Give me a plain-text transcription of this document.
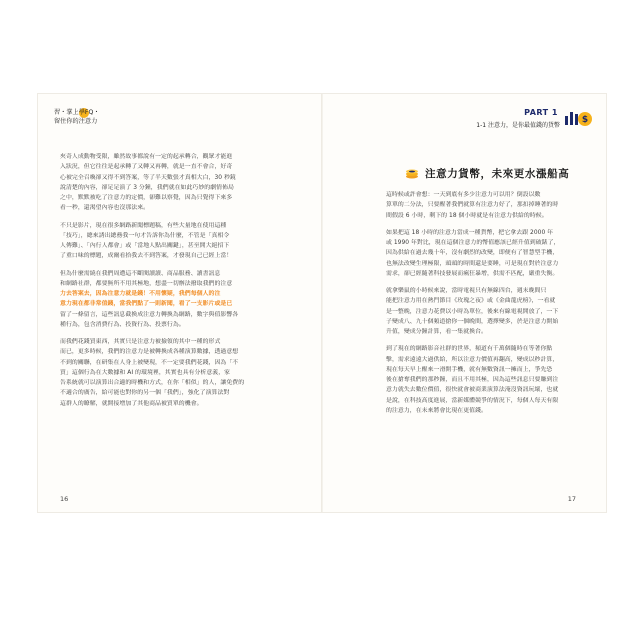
習・掌上學FQ・
留住你的注意力
夾奇人成動物受限，雖然故事都說有一定的起承轉合，觀眾才能進
入狀況，但它往往是起承轉了又轉又再轉，就是一直不會合，好奇
心被完全召喚卻又得不到答案，等了半天數張才真相大白，30 秒鏡
說清楚的內容，卻足足演了 3 分鐘，我們就在如此巧妙的劇情佈局
之中，默默被吃了注意力的定價，卻難以察覺，因為只覺得下來多
看一秒，還渴望內容也沒那法來。
不只是影片，現在很多網路新聞標題稿，有些大量地在使用這種
「技巧」，總來誘出總務我一句才告訴你為什麼，不管是「真相令
人傳難」、「內行人都會」或「當地人點出關鍵」，甚至開大絕招下
了重口味的標題，成爾看拾我去不到答案，才發現自己已經上當！
但為什麼需繞在我們周遭這不斷閱讀讀、商品服務、讀書訊息
和網路社群，都要無所不用其極地，想盡一切辦法撥取我們的注意
力去答案去，因為注意力就是錢！不用懷疑，我們每個人的注
意力現在都非常值錢，當我們點了一則新聞，看了一支影片或是已
留了一條留言，這些訊息截換成注意力轉換為網路，數字與值影響各
種行為，包含消費行為、投資行為、投票行為。
而我們花錢買東西，其實只是注意力被撿領的其中一種的形式
而已，更多時候，我們的注意力是被轉換成各種演算數據，透過意想
不到的關聯，在研集在人身上被變現，不一定要我們花錢，因為「不
買」這個行為在大數據和 AI 的環境裡，其實也具有分析意義，家
告系統就可以演算出合適的時機和方式，在你「相似」的人，讓免費的
不適合的廣告，給可能也對你的另一個「我們」，強化了演算法對
這群人的瞭解，就開接增加了其他商品被買單的機會。
16
PART 1
1-1 注意力，是你最值錢的貨幣
$
注意力貨幣，未來更水漲船高
這時候或許會想：一天到底有多少注意力可以用？倒設以數
算單的二分法，只要醒著我們就算有注意力好了，那扣掉睡著的時
間假設 6 小時，剩下的 18 個小時就是有注意力供給的時候。
如果把這 18 小時的注意力當成一種貨幣，把它拿去跟 2000 年
或 1990 年對比，現在這個注意力的幣值應該已經升值到破錶了，
因為供給在過去幾十年，沒有劇烈的改變，即便有了智慧型手機，
也無法改變生理極限，頭頭的時間還是要睡，可是現在對於注意力
需求，卻已經隨著科技發展而瘋狂暴增，供需不匹配，嚴重失衡。
就拿樂鼠的小時候來說，當時電視只有無線四台，週末晚間只
能把注意力用在熱門節目《玫瑰之夜》或《金曲龍虎榜》，一看就
是一整晚，注意力花費以小時為單位，後來有線電視開放了，一下
子變成八、九十個頻道搶你一個晚間，選擇變多，於是注意力開始
升值，變成分鐘計算，看一集就換台。
到了現在的網路影音社群的世界，頻道有千萬個隨時在等著你點
擊，需求遠遠大過供給，所以注意力價值再翻高，變成以秒計算，
現在每天早上醒來一滑開手機，就有無數資訊一擁而上，爭先恐
後在搶奪我們的那秒鐘，而且不用其極，因為這些訊息只要賺到注
意力就失去數位價值，很快就會被商業演算法淹沒資訊玩壞，也就
是說，在科技高度進展，當新媒體競爭的情況下，每個人每天有限
的注意力，在未來將會比現在更值錢。
17
